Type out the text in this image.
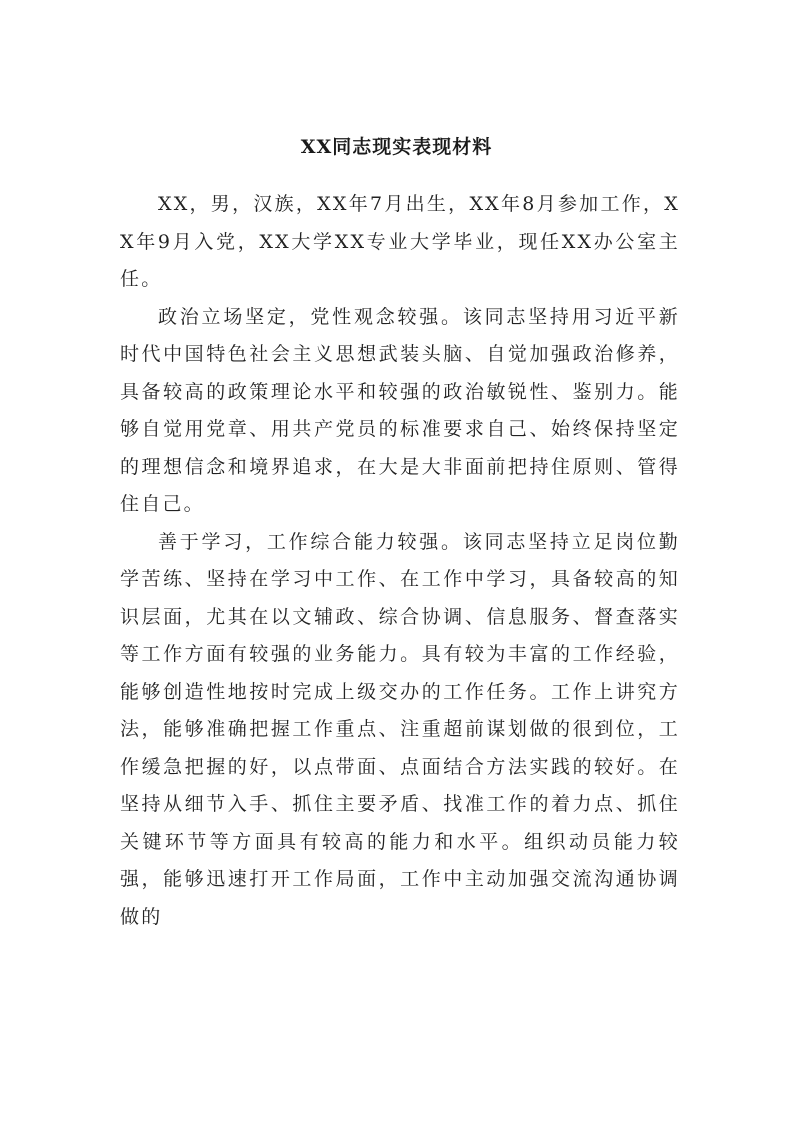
XX同志现实表现材料

XX，男，汉族，XX年7月出生，XX年8月参加工作，XX年9月入党，XX大学XX专业大学毕业，现任XX办公室主任。

政治立场坚定，党性观念较强。该同志坚持用习近平新时代中国特色社会主义思想武装头脑、自觉加强政治修养，具备较高的政策理论水平和较强的政治敏锐性、鉴别力。能够自觉用党章、用共产党员的标准要求自己、始终保持坚定的理想信念和境界追求，在大是大非面前把持住原则、管得住自己。

善于学习，工作综合能力较强。该同志坚持立足岗位勤学苦练、坚持在学习中工作、在工作中学习，具备较高的知识层面，尤其在以文辅政、综合协调、信息服务、督查落实等工作方面有较强的业务能力。具有较为丰富的工作经验，能够创造性地按时完成上级交办的工作任务。工作上讲究方法，能够准确把握工作重点、注重超前谋划做的很到位，工作缓急把握的好，以点带面、点面结合方法实践的较好。在坚持从细节入手、抓住主要矛盾、找准工作的着力点、抓住关键环节等方面具有较高的能力和水平。组织动员能力较强，能够迅速打开工作局面，工作中主动加强交流沟通协调做的
